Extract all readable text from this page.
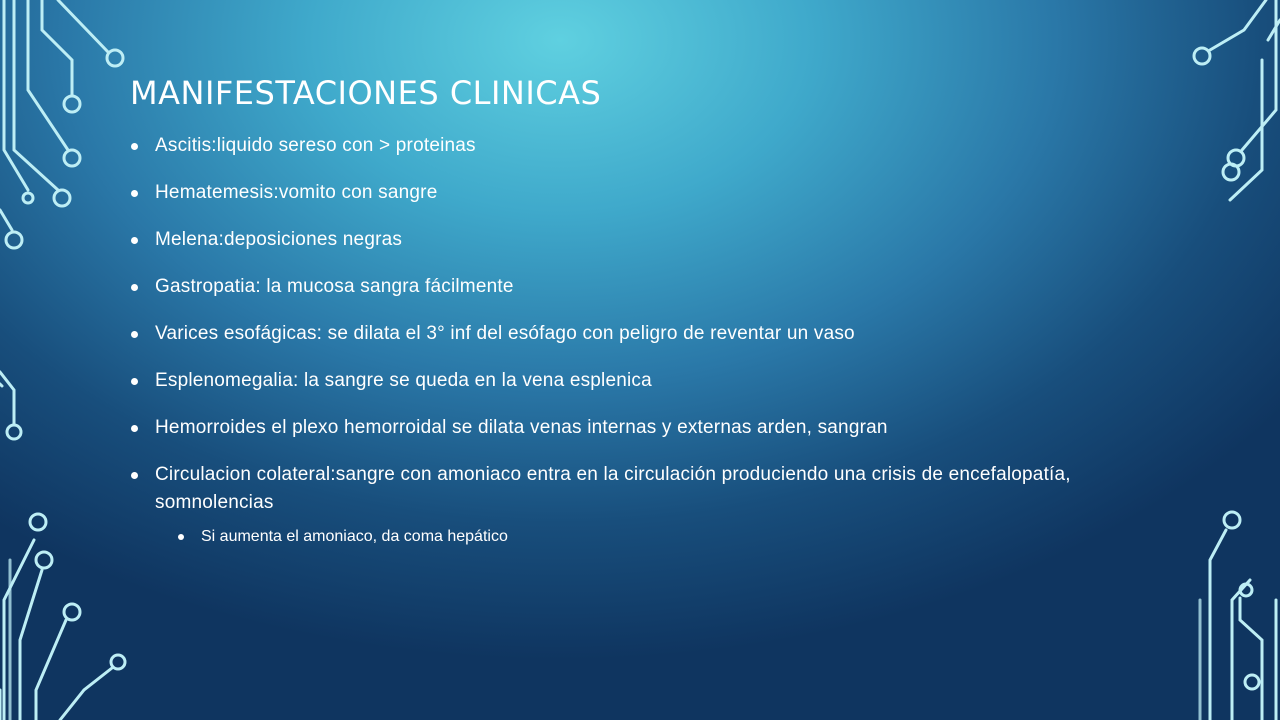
MANIFESTACIONES CLINICAS
Ascitis:liquido sereso con > proteinas
Hematemesis:vomito con sangre
Melena:deposiciones negras
Gastropatia: la mucosa sangra fácilmente
Varices esofágicas: se dilata el 3° inf del esófago con peligro de reventar un vaso
Esplenomegalia: la sangre se queda en la vena esplenica
Hemorroides el plexo hemorroidal se dilata venas internas y externas arden, sangran
Circulacion colateral:sangre con amoniaco entra en la circulación produciendo una crisis de encefalopatía, somnolencias
Si aumenta el amoniaco, da coma hepático
